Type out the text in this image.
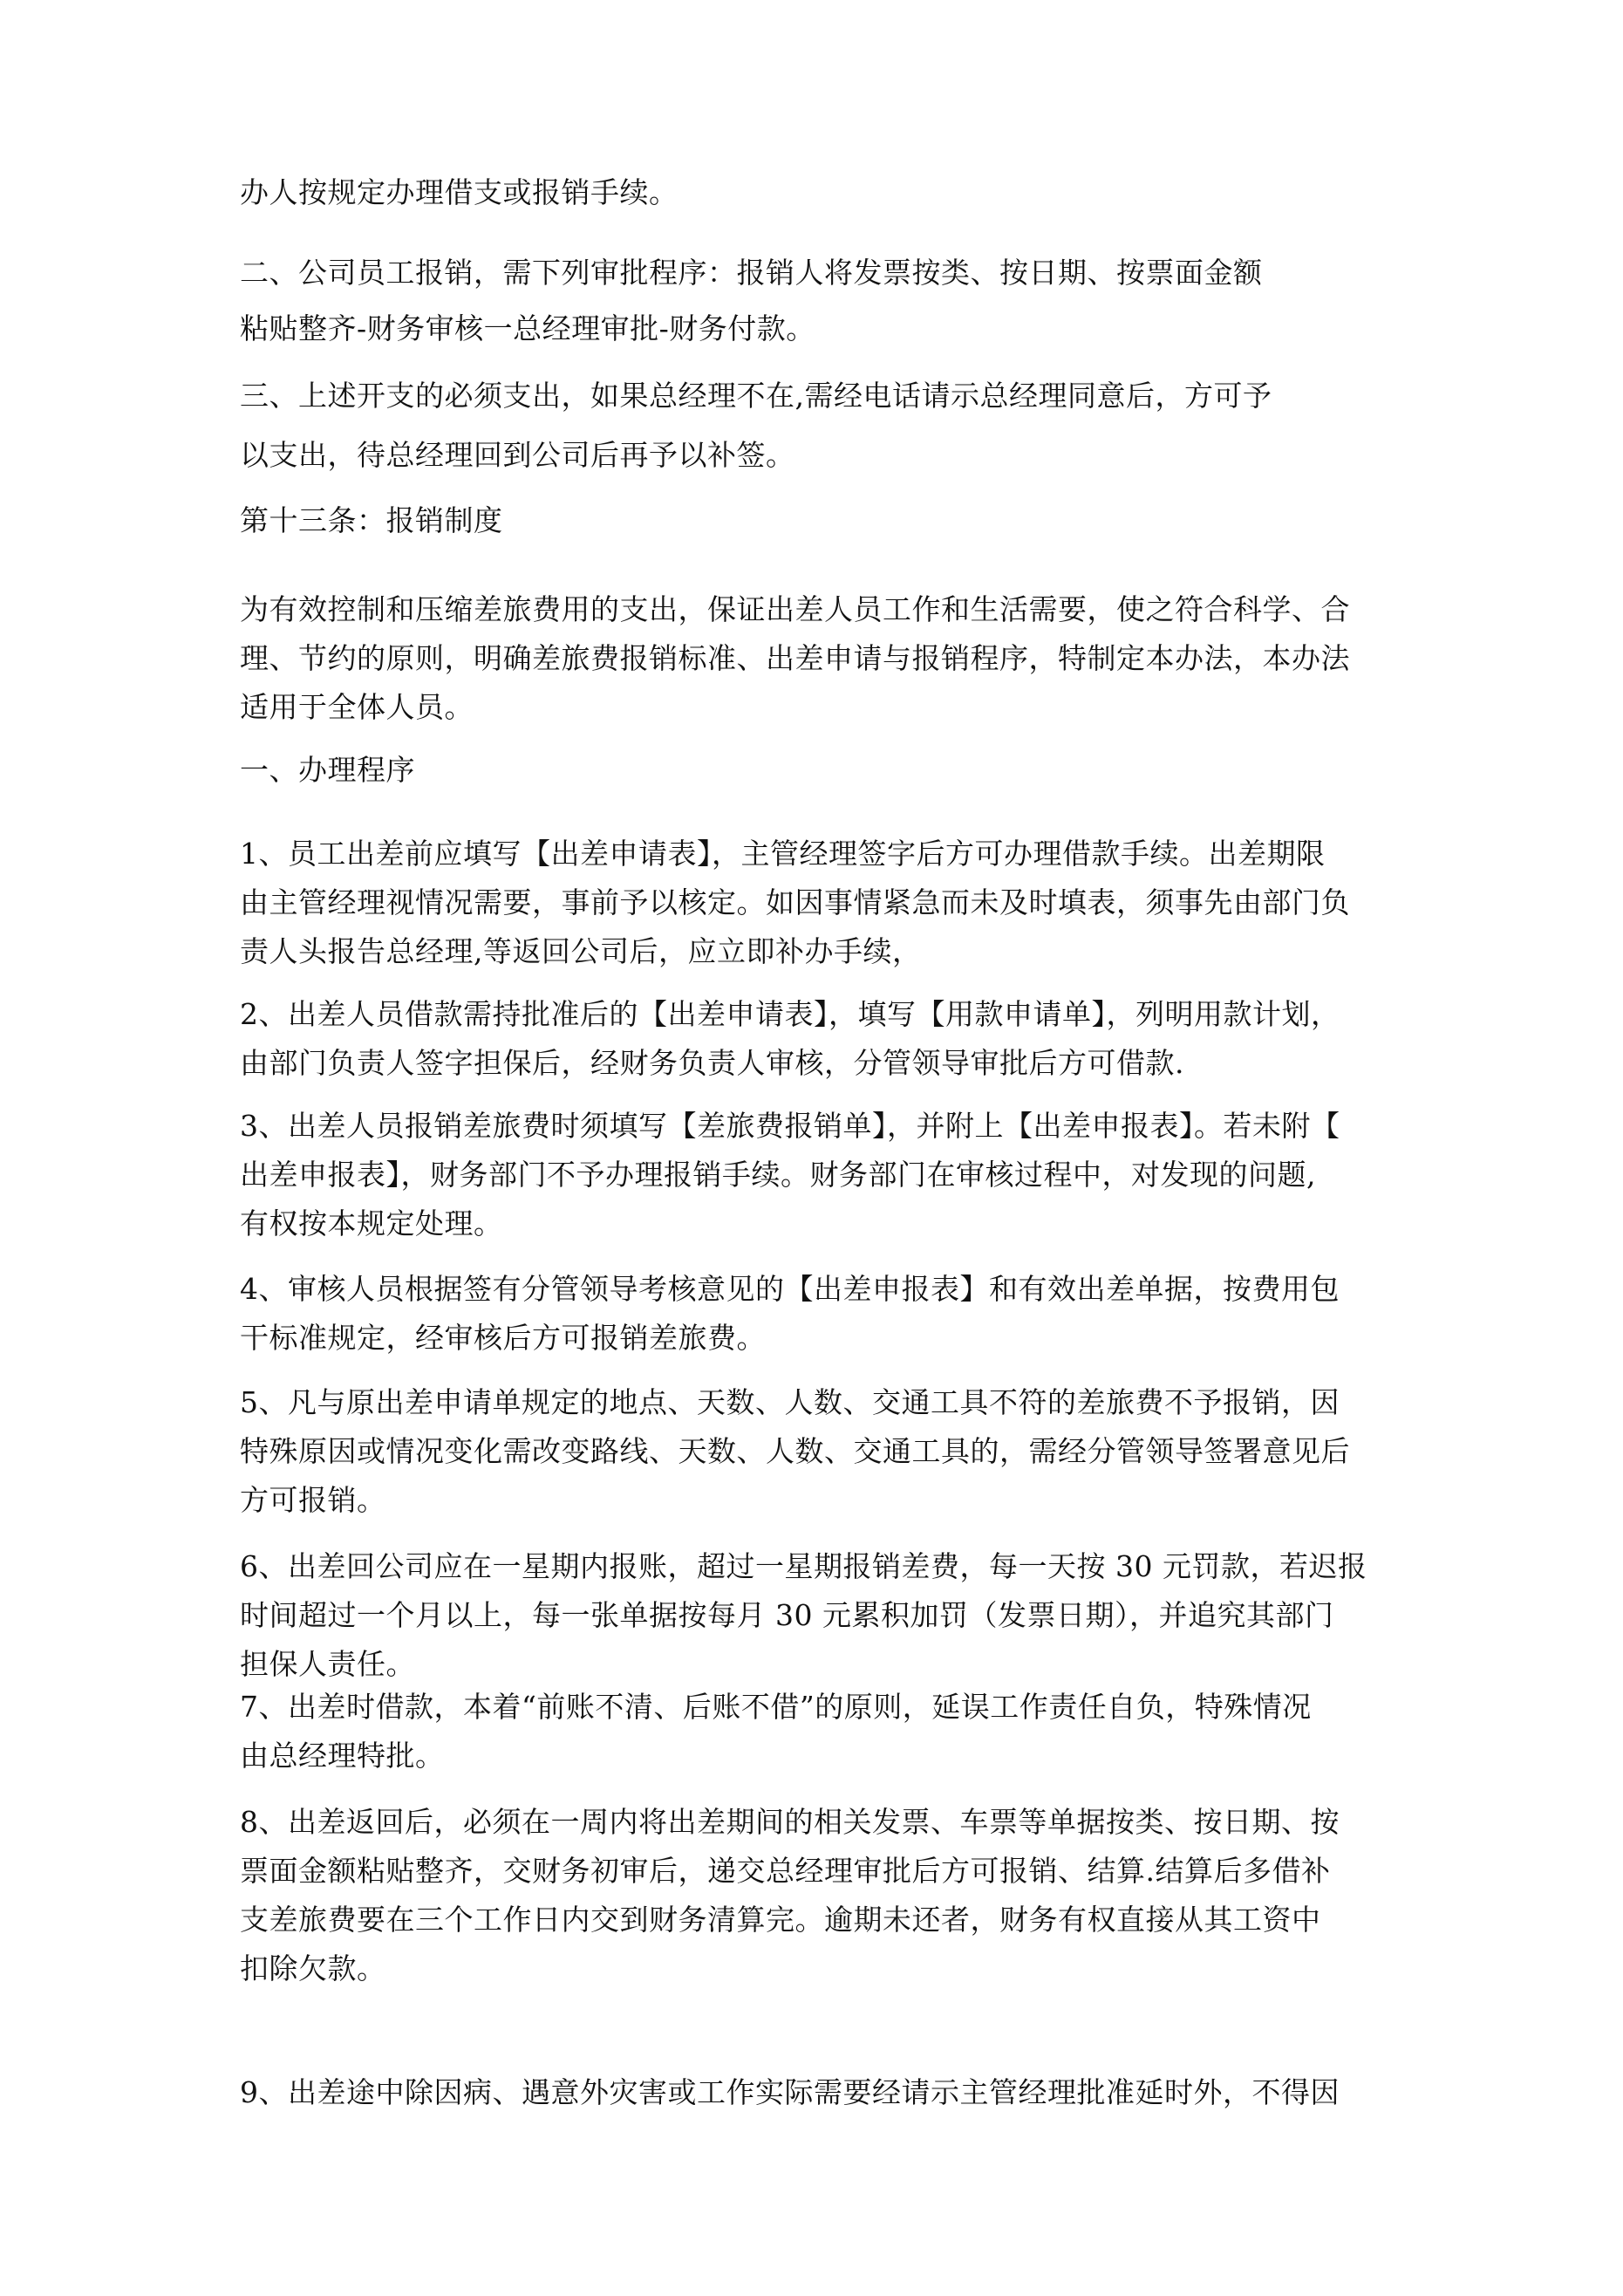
办人按规定办理借支或报销手续。
二、公司员工报销，需下列审批程序：报销人将发票按类、按日期、按票面金额
粘贴整齐-财务审核一总经理审批-财务付款。
三、上述开支的必须支出，如果总经理不在,需经电话请示总经理同意后，方可予
以支出，待总经理回到公司后再予以补签。
第十三条：报销制度
为有效控制和压缩差旅费用的支出，保证出差人员工作和生活需要，使之符合科学、合
理、节约的原则，明确差旅费报销标准、出差申请与报销程序，特制定本办法，本办法
适用于全体人员。
一、办理程序
1、员工出差前应填写【出差申请表】，主管经理签字后方可办理借款手续。出差期限
由主管经理视情况需要，事前予以核定。如因事情紧急而未及时填表，须事先由部门负
责人头报告总经理,等返回公司后，应立即补办手续，
2、出差人员借款需持批准后的【出差申请表】，填写【用款申请单】，列明用款计划，
由部门负责人签字担保后，经财务负责人审核，分管领导审批后方可借款.
3、出差人员报销差旅费时须填写【差旅费报销单】，并附上【出差申报表】。若未附【
出差申报表】，财务部门不予办理报销手续。财务部门在审核过程中，对发现的问题,
有权按本规定处理。
4、审核人员根据签有分管领导考核意见的【出差申报表】和有效出差单据，按费用包
干标准规定，经审核后方可报销差旅费。
5、凡与原出差申请单规定的地点、天数、人数、交通工具不符的差旅费不予报销，因
特殊原因或情况变化需改变路线、天数、人数、交通工具的，需经分管领导签署意见后
方可报销。
6、出差回公司应在一星期内报账，超过一星期报销差费，每一天按 30 元罚款，若迟报
时间超过一个月以上，每一张单据按每月 30 元累积加罚（发票日期），并追究其部门
担保人责任。
7、出差时借款，本着“前账不清、后账不借”的原则，延误工作责任自负，特殊情况
由总经理特批。
8、出差返回后，必须在一周内将出差期间的相关发票、车票等单据按类、按日期、按
票面金额粘贴整齐，交财务初审后，递交总经理审批后方可报销、结算.结算后多借补
支差旅费要在三个工作日内交到财务清算完。逾期未还者，财务有权直接从其工资中
扣除欠款。
9、出差途中除因病、遇意外灾害或工作实际需要经请示主管经理批准延时外，不得因
